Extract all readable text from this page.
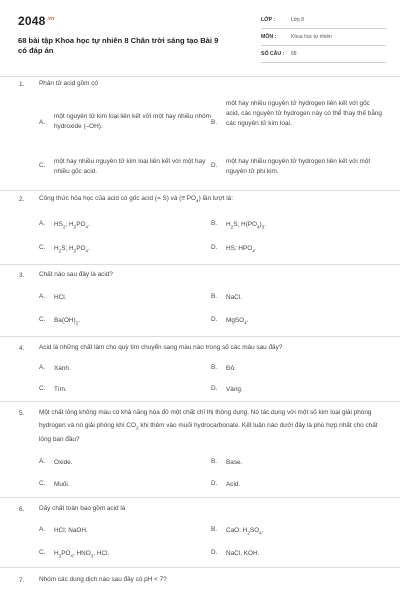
$2048^{.vn}$
68 bài tập Khoa học tự nhiên 8 Chân trời sáng tạo Bài 9 có đáp án
LỚP :	Lớp 8
MÔN :	Khoa học tự nhiên
SỐ CÂU :	68
1. Phân tử acid gồm có
A.
một nguyên tử kim loại liên kết với một hay nhiều nhóm hydroxide (–OH).
B.
một hay nhiều nguyên tử hydrogen liên kết với gốc acid, các nguyên tử hydrogen này có thể thay thế bằng các nguyên tử kim loại.
C.
một hay nhiều nguyên tử kim loại liên kết với một hay nhiều gốc acid.
D.
một hay nhiều nguyên tử hydrogen liên kết với một nguyên tử phi kim.
2. Công thức hóa học của acid có gốc acid (= S) và (≡ $PO_4$) lần lượt là:
A. $HS_2$; $H_3PO_4$.	B. $H_2S$; $H(PO_4)_3$.
C. $H_2S$; $H_3PO_4$.	D. HS; $HPO_4$.
3. Chất nào sau đây là acid?
A. HCl.	B. NaCl.
C. $Ba(OH)_2$.	D. MgSO$_4$.
4. Acid là những chất làm cho quỳ tím chuyển sang màu nào trong số các màu sau đây?
A. Xanh.	B. Đỏ.
C. Tím.	D. Vàng.
5. Một chất lỏng không màu có khả năng hóa đỏ một chất chỉ thị thông dụng. Nó tác dụng với một số kim loại giải phóng hydrogen và nó giải phóng khí $CO_2$ khi thêm vào muối hydrocarbonate. Kết luận nào dưới đây là phù hợp nhất cho chất lỏng ban đầu?
A. Oxide.	B. Base.
C. Muối.	D. Acid.
6. Dãy chất toàn bao gồm acid là
A. HCl; NaOH.	B. CaO; $H_2SO_4$.
C. $H_3PO_4$, $HNO_3$, HCl.	D. NaCl, KOH.
7. Nhóm các dung dịch nào sau đây có pH < 7?
